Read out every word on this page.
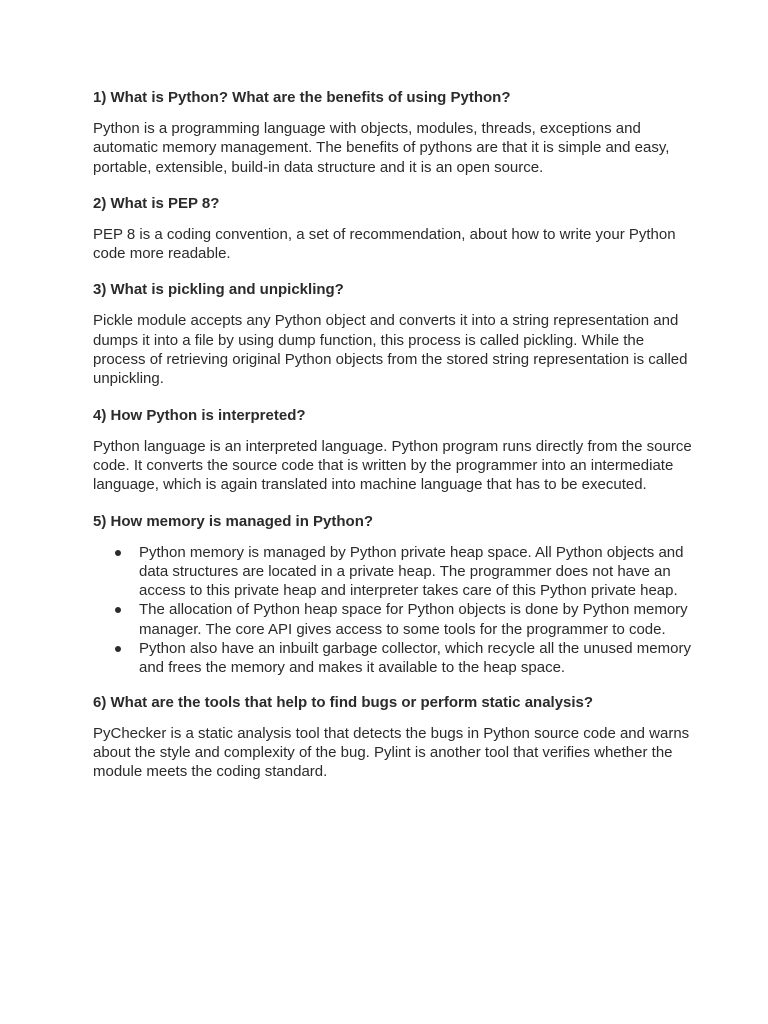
1) What is Python? What are the benefits of using Python?
Python is a programming language with objects, modules, threads, exceptions and automatic memory management. The benefits of pythons are that it is simple and easy, portable, extensible, build-in data structure and it is an open source.
2) What is PEP 8?
PEP 8 is a coding convention, a set of recommendation, about how to write your Python code more readable.
3) What is pickling and unpickling?
Pickle module accepts any Python object and converts it into a string representation and dumps it into a file by using dump function, this process is called pickling. While the process of retrieving original Python objects from the stored string representation is called unpickling.
4) How Python is interpreted?
Python language is an interpreted language. Python program runs directly from the source code. It converts the source code that is written by the programmer into an intermediate language, which is again translated into machine language that has to be executed.
5) How memory is managed in Python?
Python memory is managed by Python private heap space. All Python objects and data structures are located in a private heap. The programmer does not have an access to this private heap and interpreter takes care of this Python private heap.
The allocation of Python heap space for Python objects is done by Python memory manager. The core API gives access to some tools for the programmer to code.
Python also have an inbuilt garbage collector, which recycle all the unused memory and frees the memory and makes it available to the heap space.
6) What are the tools that help to find bugs or perform static analysis?
PyChecker is a static analysis tool that detects the bugs in Python source code and warns about the style and complexity of the bug. Pylint is another tool that verifies whether the module meets the coding standard.
